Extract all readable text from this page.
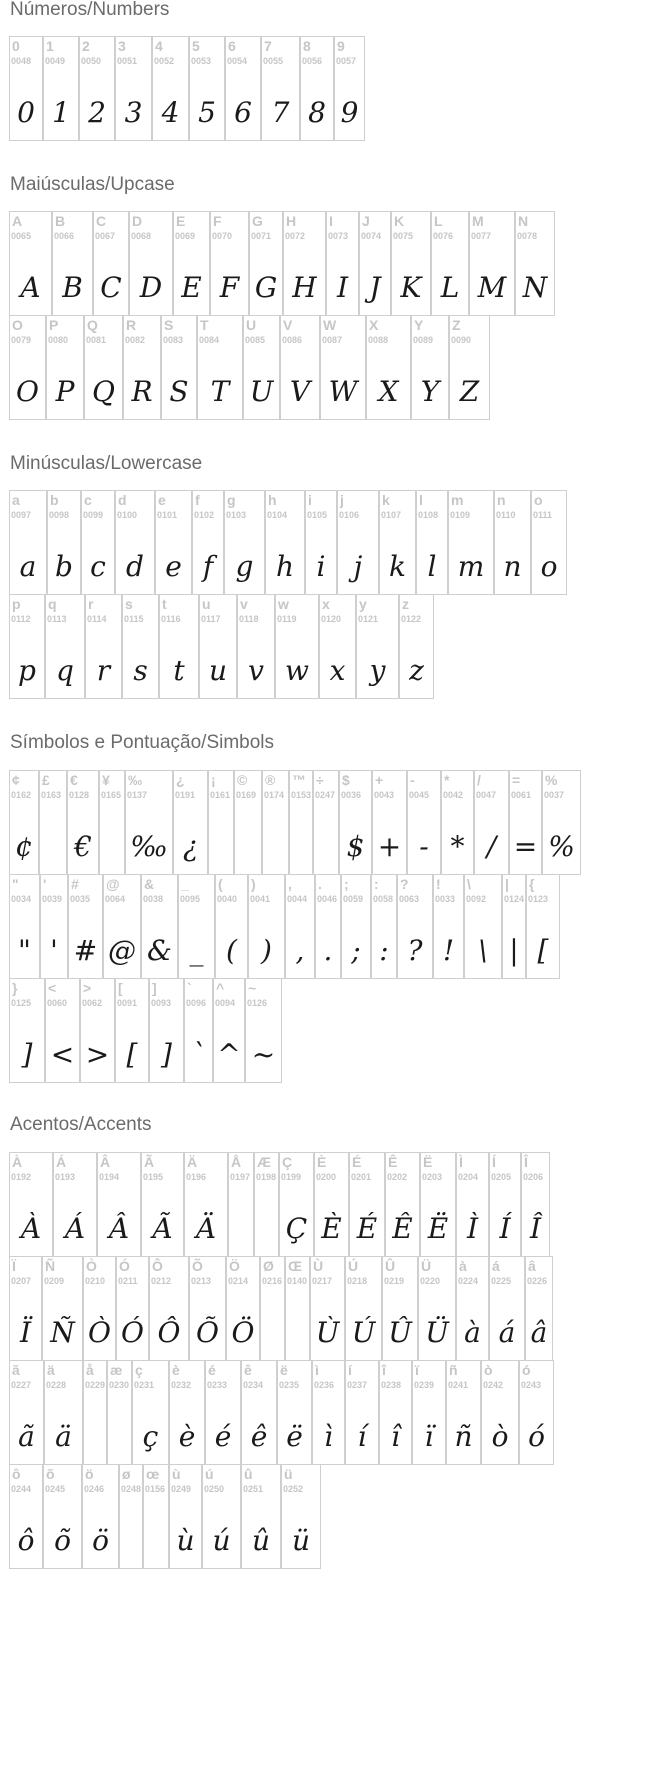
Números/Numbers
0
0048
0
1
0049
1
2
0050
2
3
0051
3
4
0052
4
5
0053
5
6
0054
6
7
0055
7
8
0056
8
9
0057
9
Maiúsculas/Upcase
A
0065
A
B
0066
B
C
0067
C
D
0068
D
E
0069
E
F
0070
F
G
0071
G
H
0072
H
I
0073
I
J
0074
J
K
0075
K
L
0076
L
M
0077
M
N
0078
N
O
0079
O
P
0080
P
Q
0081
Q
R
0082
R
S
0083
S
T
0084
T
U
0085
U
V
0086
V
W
0087
W
X
0088
X
Y
0089
Y
Z
0090
Z
Minúsculas/Lowercase
a
0097
a
b
0098
b
c
0099
c
d
0100
d
e
0101
e
f
0102
f
g
0103
g
h
0104
h
i
0105
i
j
0106
j
k
0107
k
l
0108
l
m
0109
m
n
0110
n
o
0111
o
p
0112
p
q
0113
q
r
0114
r
s
0115
s
t
0116
t
u
0117
u
v
0118
v
w
0119
w
x
0120
x
y
0121
y
z
0122
z
Símbolos e Pontuação/Simbols
¢
0162
¢
£
0163
€
0128
€
¥
0165
‰
0137
‰
¿
0191
¿
¡
0161
©
0169
®
0174
™
0153
÷
0247
$
0036
$
+
0043
+
-
0045
-
*
0042
*
/
0047
/
=
0061
=
%
0037
%
"
0034
"
'
0039
'
#
0035
#
@
0064
@
&
0038
&
_
0095
_
(
0040
(
)
0041
)
,
0044
,
.
0046
.
;
0059
;
:
0058
:
?
0063
?
!
0033
!
\
0092
\
|
0124
|
{
0123
[
}
0125
]
<
0060
<
>
0062
>
[
0091
[
]
0093
]
`
0096
`
^
0094
^
~
0126
~
Acentos/Accents
À
0192
À
Á
0193
Á
Â
0194
Â
Ã
0195
Ã
Ä
0196
Ä
Å
0197
Æ
0198
Ç
0199
Ç
È
0200
È
É
0201
É
Ê
0202
Ê
Ë
0203
Ë
Ì
0204
Ì
Í
0205
Í
Î
0206
Î
Ï
0207
Ï
Ñ
0209
Ñ
Ò
0210
Ò
Ó
0211
Ó
Ô
0212
Ô
Õ
0213
Õ
Ö
0214
Ö
Ø
0216
Œ
0140
Ù
0217
Ù
Ú
0218
Ú
Û
0219
Û
Ü
0220
Ü
à
0224
à
á
0225
á
â
0226
â
ã
0227
ã
ä
0228
ä
å
0229
æ
0230
ç
0231
ç
è
0232
è
é
0233
é
ê
0234
ê
ë
0235
ë
ì
0236
ì
í
0237
í
î
0238
î
ï
0239
ï
ñ
0241
ñ
ò
0242
ò
ó
0243
ó
ô
0244
ô
õ
0245
õ
ö
0246
ö
ø
0248
œ
0156
ù
0249
ù
ú
0250
ú
û
0251
û
ü
0252
ü
